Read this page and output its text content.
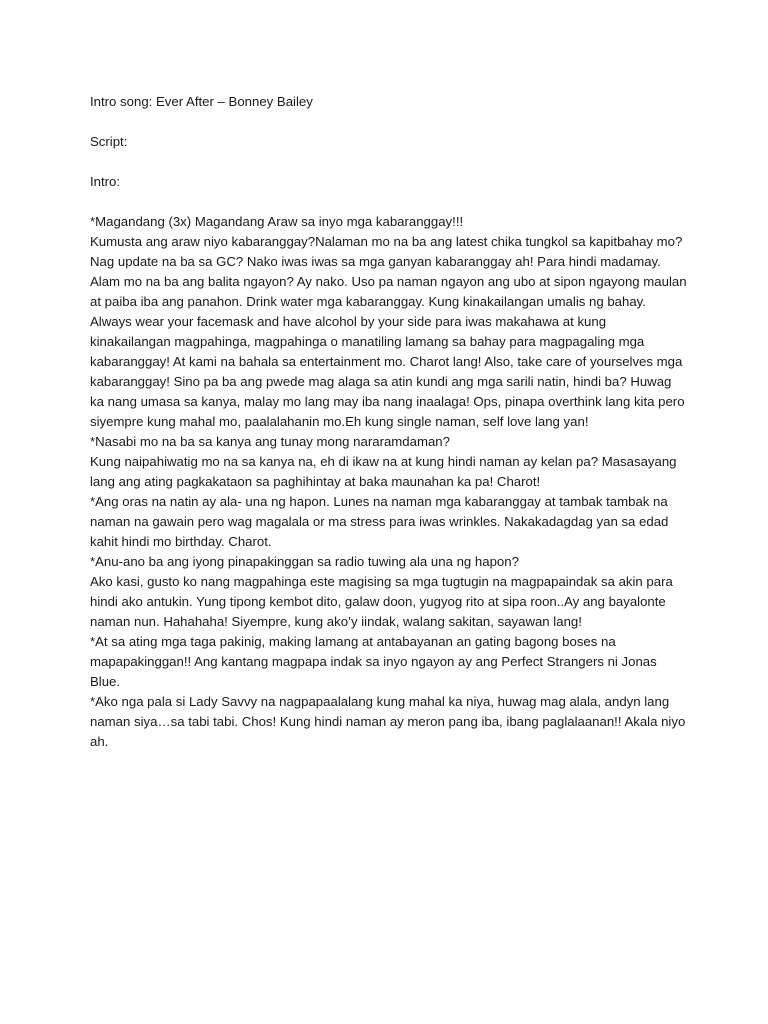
Intro song: Ever After – Bonney Bailey

Script:

Intro:

*Magandang (3x) Magandang Araw sa inyo mga kabaranggay!!!

Kumusta ang araw niyo kabaranggay?Nalaman mo na ba ang latest chika tungkol sa kapitbahay mo? Nag update na ba sa GC? Nako iwas iwas sa mga ganyan kabaranggay ah! Para hindi madamay. Alam mo na ba ang balita ngayon? Ay nako. Uso pa naman ngayon ang ubo at sipon ngayong maulan at paiba iba ang panahon. Drink water mga kabaranggay. Kung kinakailangan umalis ng bahay. Always wear your facemask and have alcohol by your side para iwas makahawa at kung kinakailangan magpahinga, magpahinga o manatiling lamang sa bahay para magpagaling mga kabaranggay! At kami na bahala sa entertainment mo. Charot lang! Also, take care of yourselves mga kabaranggay! Sino pa ba ang pwede mag alaga sa atin kundi ang mga sarili natin, hindi ba? Huwag ka nang umasa sa kanya, malay mo lang may iba nang inaalaga! Ops, pinapa overthink lang kita pero siyempre kung mahal mo, paalalahanin mo.Eh kung single naman, self love lang yan!

*Nasabi mo na ba sa kanya ang tunay mong nararamdaman?

Kung naipahiwatig mo na sa kanya na, eh di ikaw na at kung hindi naman ay kelan pa? Masasayang lang ang ating pagkakataon sa paghihintay at baka maunahan ka pa! Charot!

*Ang oras na natin ay ala- una ng hapon. Lunes na naman mga kabaranggay at tambak tambak na naman na gawain pero wag magalala or ma stress para iwas wrinkles. Nakakadagdag yan sa edad kahit hindi mo birthday. Charot.

*Anu-ano ba ang iyong pinapakinggan sa radio tuwing ala una ng hapon?

Ako kasi, gusto ko nang magpahinga este magising sa mga tugtugin na magpapaindak sa akin para hindi ako antukin. Yung tipong kembot dito, galaw doon, yugyog rito at sipa roon..Ay ang bayalonte naman nun. Hahahaha! Siyempre, kung ako’y iindak, walang sakitan, sayawan lang!

*At sa ating mga taga pakinig, making lamang at antabayanan an gating bagong boses na mapapakinggan!! Ang kantang magpapa indak sa inyo ngayon ay ang Perfect Strangers ni Jonas Blue.

*Ako nga pala si Lady Savvy na nagpapaalalang kung mahal ka niya, huwag mag alala, andyn lang naman siya…sa tabi tabi. Chos! Kung hindi naman ay meron pang iba, ibang paglalaanan!! Akala niyo ah.
